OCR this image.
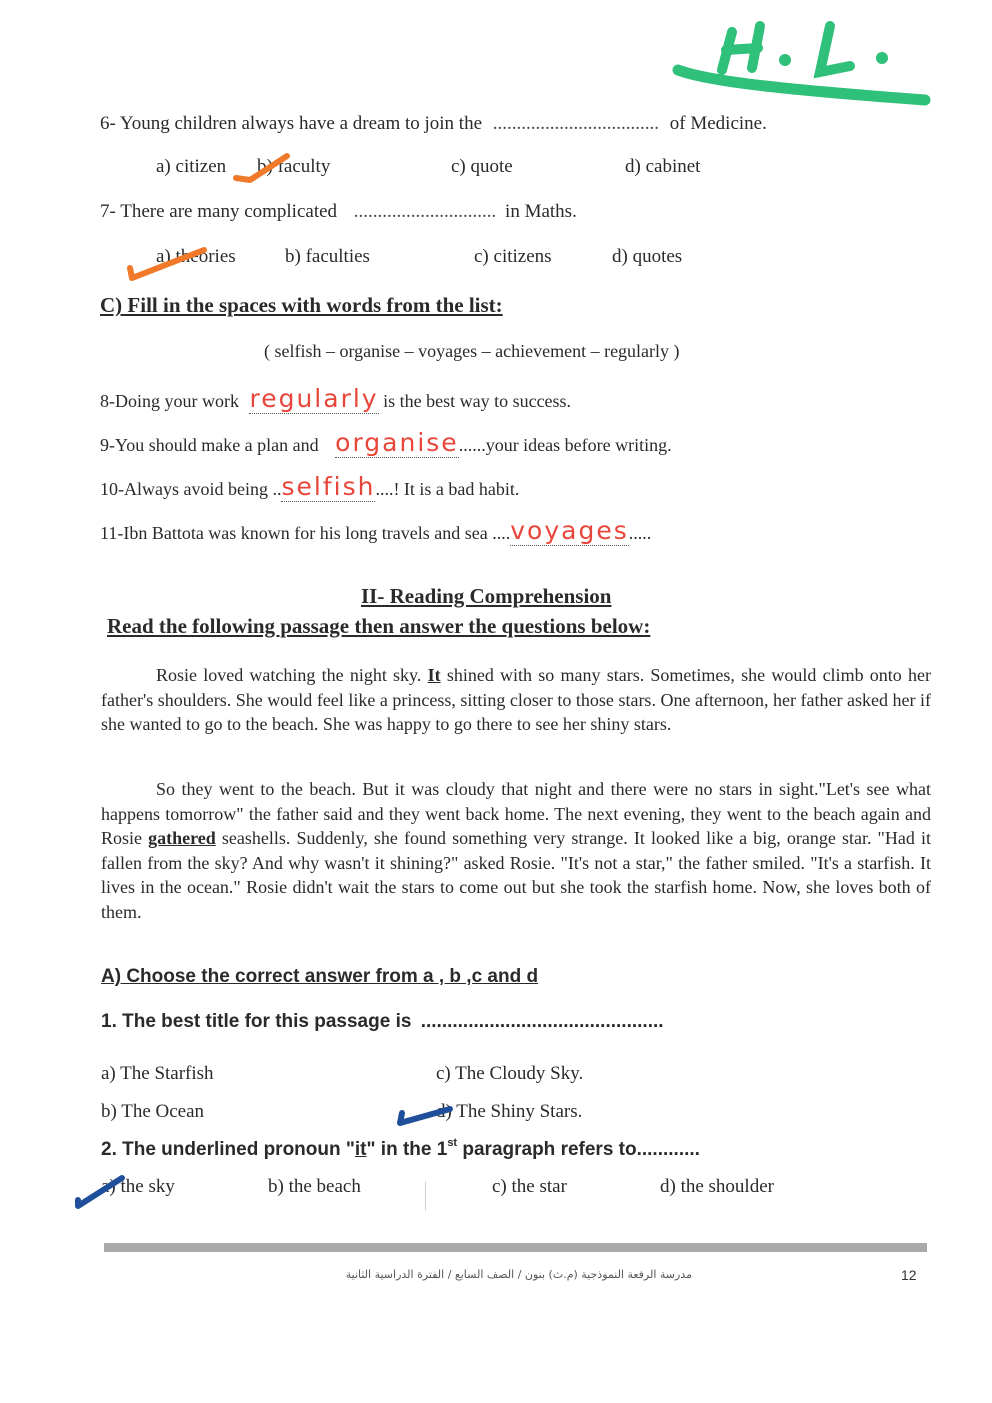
6- Young children always have a dream to join the ................................... of Medicine.
a) citizen b) faculty	c) quote	d) cabinet
7- There are many complicated .............................. in Maths.
a) theories	b) faculties	c) citizens	d) quotes
C) Fill in the spaces with words from the list:
( selfish – organise – voyages – achievement – regularly )
8-Doing your work regularly is the best way to success.
9-You should make a plan and organise......your ideas before writing.
10-Always avoid being ..selfish....! It is a bad habit.
11-Ibn Battota was known for his long travels and sea ....voyages.....
II- Reading Comprehension
Read the following passage then answer the questions below:
Rosie loved watching the night sky. It shined with so many stars. Sometimes, she would climb onto her father's shoulders. She would feel like a princess, sitting closer to those stars. One afternoon, her father asked her if she wanted to go to the beach. She was happy to go there to see her shiny stars.
So they went to the beach. But it was cloudy that night and there were no stars in sight."Let's see what happens tomorrow" the father said and they went back home. The next evening, they went to the beach again and Rosie gathered seashells. Suddenly, she found something very strange. It looked like a big, orange star. "Had it fallen from the sky? And why wasn't it shining?" asked Rosie. "It's not a star," the father smiled. "It's a starfish. It lives in the ocean." Rosie didn't wait the stars to come out but she took the starfish home. Now, she loves both of them.
A) Choose the correct answer from a , b ,c and d
1. The best title for this passage is ..............................................
a) The Starfish	c) The Cloudy Sky.
b) The Ocean	d) The Shiny Stars.
2. The underlined pronoun "it" in the 1st paragraph refers to............
a) the sky	b) the beach	c) the star	d) the shoulder
مدرسة الرفعة النموذجية (م.ث) بنون / الصف السابع / الفترة الدراسية الثانية	12
